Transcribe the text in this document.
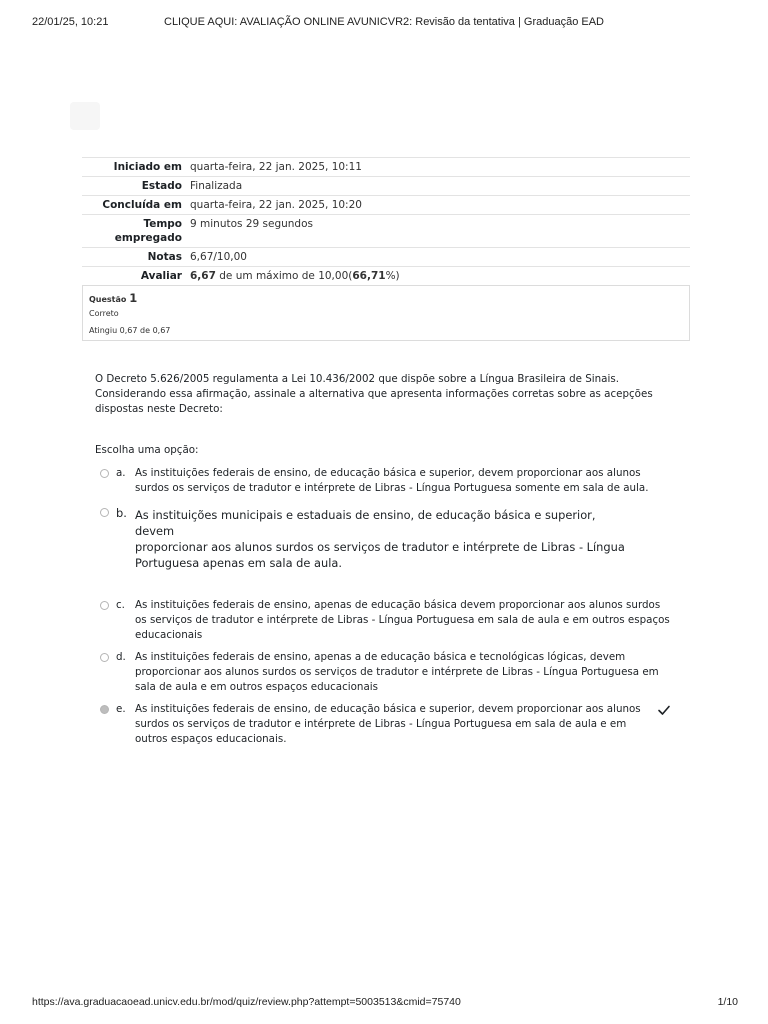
22/01/25, 10:21	CLIQUE AQUI: AVALIAÇÃO ONLINE AVUNICVR2: Revisão da tentativa | Graduação EAD
Iniciado em	quarta-feira, 22 jan. 2025, 10:11
Estado	Finalizada
Concluída em	quarta-feira, 22 jan. 2025, 10:20
Tempo empregado	9 minutos 29 segundos
Notas	6,67/10,00
Avaliar	6,67 de um máximo de 10,00(66,71%)
Questão 1
Correto
Atingiu 0,67 de 0,67
O Decreto 5.626/2005 regulamenta a Lei 10.436/2002 que dispõe sobre a Língua Brasileira de Sinais.
Considerando essa afirmação, assinale a alternativa que apresenta informações corretas sobre as acepções
dispostas neste Decreto:
Escolha uma opção:
a. As instituições federais de ensino, de educação básica e superior, devem proporcionar aos alunos
surdos os serviços de tradutor e intérprete de Libras - Língua Portuguesa somente em sala de aula.
b. As instituições municipais e estaduais de ensino, de educação básica e superior, devem
proporcionar aos alunos surdos os serviços de tradutor e intérprete de Libras - Língua
Portuguesa apenas em sala de aula.
c. As instituições federais de ensino, apenas de educação básica devem proporcionar aos alunos surdos
os serviços de tradutor e intérprete de Libras - Língua Portuguesa em sala de aula e em outros espaços
educacionais
d. As instituições federais de ensino, apenas a de educação básica e tecnológicas lógicas, devem
proporcionar aos alunos surdos os serviços de tradutor e intérprete de Libras - Língua Portuguesa em
sala de aula e em outros espaços educacionais
e. As instituições federais de ensino, de educação básica e superior, devem proporcionar aos alunos
surdos os serviços de tradutor e intérprete de Libras - Língua Portuguesa em sala de aula e em
outros espaços educacionais.
https://ava.graduacaoead.unicv.edu.br/mod/quiz/review.php?attempt=5003513&cmid=75740	1/10
